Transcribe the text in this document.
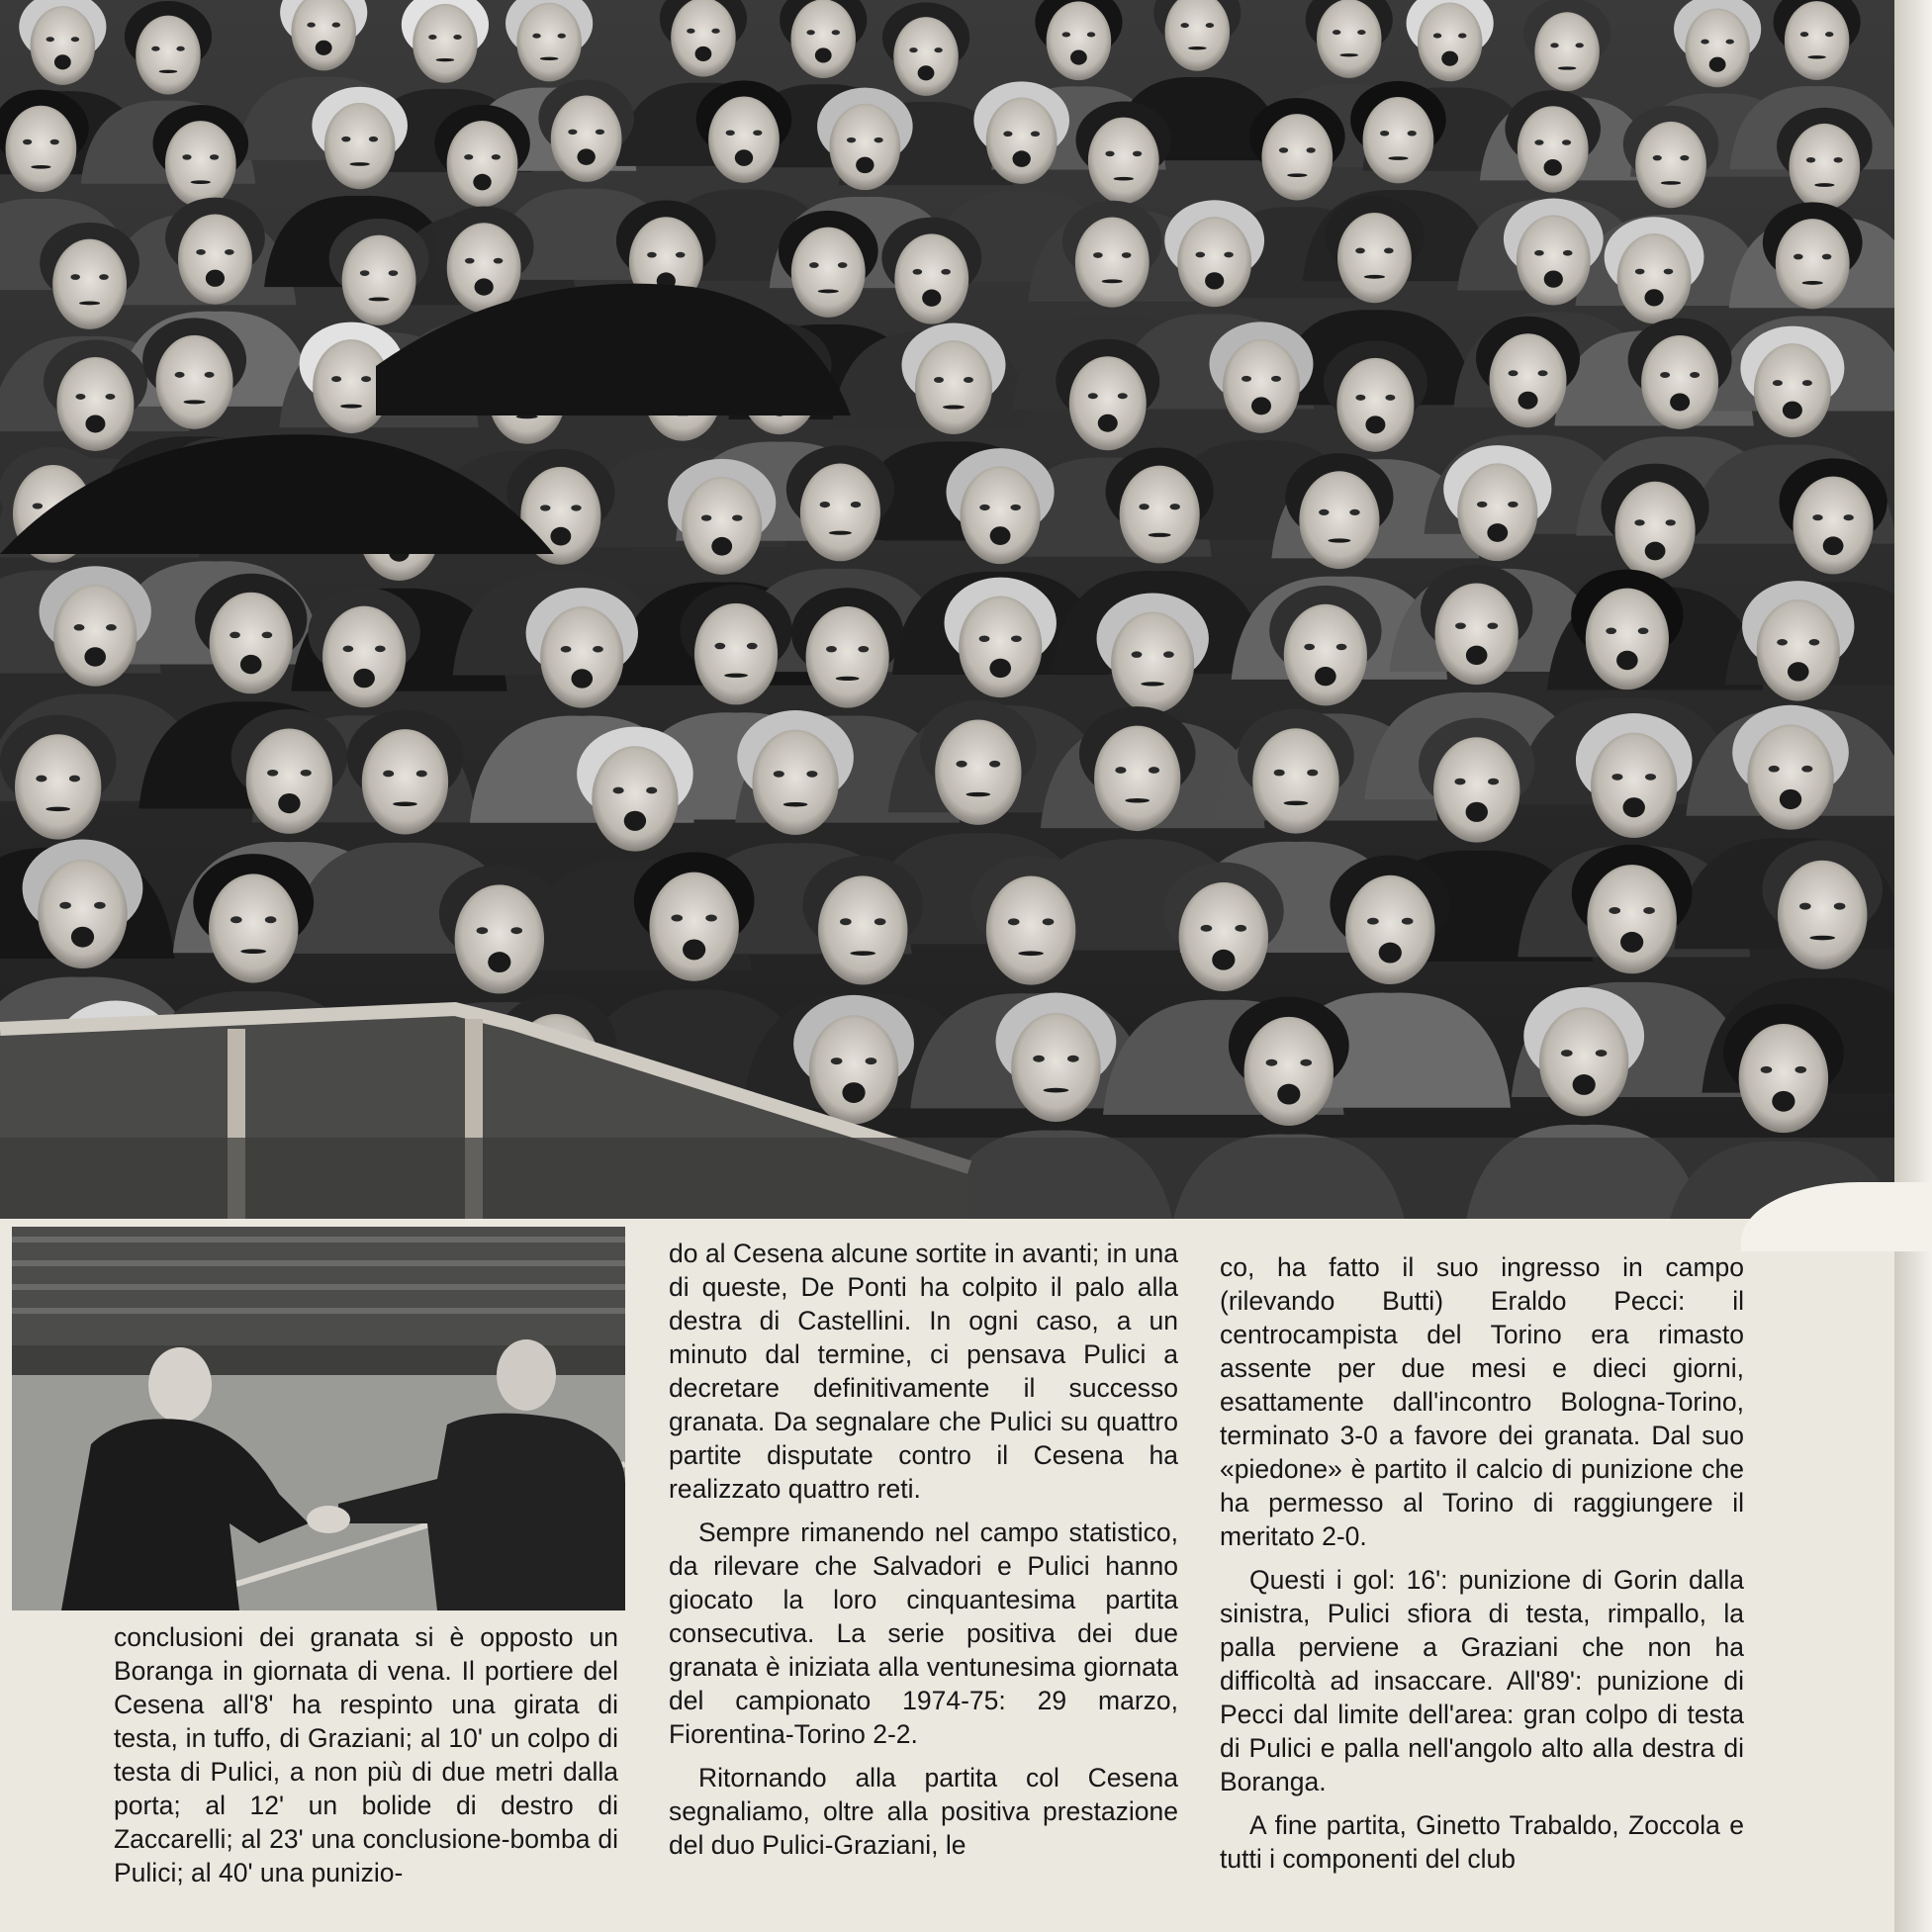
conclusioni dei granata si è opposto un Boranga in giornata di vena. Il portiere del Cesena all'8' ha respinto una girata di testa, in tuffo, di Graziani; al 10' un colpo di testa di Pulici, a non più di due metri dalla porta; al 12' un bolide di destro di Zaccarelli; al 23' una conclusione-bomba di Pulici; al 40' una punizio-

do al Cesena alcune sortite in avanti; in una di queste, De Ponti ha colpito il palo alla destra di Castellini. In ogni caso, a un minuto dal termine, ci pensava Pulici a decretare definitivamente il successo granata. Da segnalare che Pulici su quattro partite disputate contro il Cesena ha realizzato quattro reti.

Sempre rimanendo nel campo statistico, da rilevare che Salvadori e Pulici hanno giocato la loro cinquantesima partita consecutiva. La serie positiva dei due granata è iniziata alla ventunesima giornata del campionato 1974-75: 29 marzo, Fiorentina-Torino 2-2.

Ritornando alla partita col Cesena segnaliamo, oltre alla positiva prestazione del duo Pulici-Graziani, le

co, ha fatto il suo ingresso in campo (rilevando Butti) Eraldo Pecci: il centrocampista del Torino era rimasto assente per due mesi e dieci giorni, esattamente dall'incontro Bologna-Torino, terminato 3-0 a favore dei granata. Dal suo «piedone» è partito il calcio di punizione che ha permesso al Torino di raggiungere il meritato 2-0.

Questi i gol: 16': punizione di Gorin dalla sinistra, Pulici sfiora di testa, rimpallo, la palla perviene a Graziani che non ha difficoltà ad insaccare. All'89': punizione di Pecci dal limite dell'area: gran colpo di testa di Pulici e palla nell'angolo alto alla destra di Boranga.

A fine partita, Ginetto Trabaldo, Zoccola e tutti i componenti del club
